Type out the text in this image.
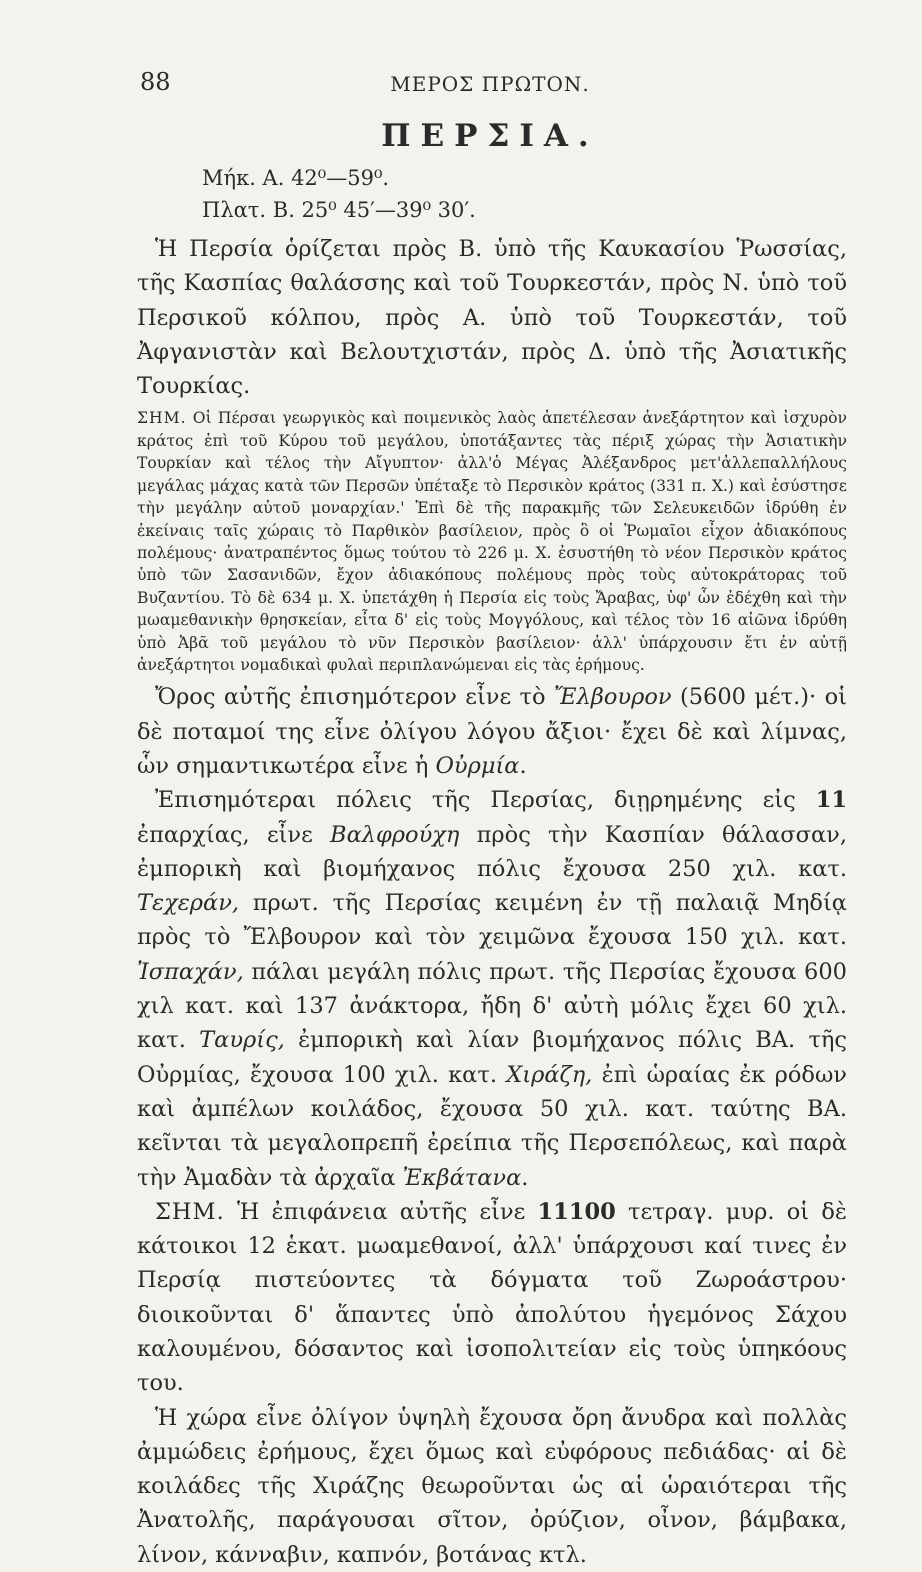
88	ΜΕΡΟΣ ΠΡΩΤΟΝ.
ΠΕΡΣΙΑ.
Μήκ. Α. 42⁰—59⁰.
Πλατ. Β. 25⁰ 45′—39⁰ 30′.

Ἡ Περσία ὁρίζεται πρὸς Β. ὑπὸ τῆς Καυκασίου Ῥωσσίας, τῆς Κασπίας θαλάσσης καὶ τοῦ Τουρκεστάν, πρὸς Ν. ὑπὸ τοῦ Περσικοῦ κόλπου, πρὸς Α. ὑπὸ τοῦ Τουρκεστάν, τοῦ Ἀφγανιστὰν καὶ Βελουτχιστάν, πρὸς Δ. ὑπὸ τῆς Ἀσιατικῆς Τουρκίας.

ΣΗΜ. Οἱ Πέρσαι γεωργικὸς καὶ ποιμενικὸς λαὸς ἀπετέλεσαν ἀνεξάρτητον καὶ ἰσχυρὸν κράτος ἐπὶ τοῦ Κύρου τοῦ μεγάλου, ὑποτάξαντες τὰς πέριξ χώρας τὴν Ἀσιατικὴν Τουρκίαν καὶ τέλος τὴν Αἴγυπτον· ἀλλ'ὁ Μέγας Ἀλέξανδρος μετ'ἀλλεπαλλήλους μεγάλας μάχας κατὰ τῶν Περσῶν ὑπέταξε τὸ Περσικὸν κράτος (331 π. Χ.) καὶ ἐσύστησε τὴν μεγάλην αὐτοῦ μοναρχίαν.' Ἐπὶ δὲ τῆς παρακμῆς τῶν Σελευκειδῶν ἱδρύθη ἐν ἐκείναις ταῖς χώραις τὸ Παρθικὸν βασίλειον, πρὸς ὃ οἱ Ῥωμαῖοι εἶχον ἀδιακόπους πολέμους· ἀνατραπέντος ὅμως τούτου τὸ 226 μ. Χ. ἐσυστήθη τὸ νέον Περσικὸν κράτος ὑπὸ τῶν Σασανιδῶν, ἔχον ἀδιακόπους πολέμους πρὸς τοὺς αὐτοκράτορας τοῦ Βυζαντίου. Τὸ δὲ 634 μ. Χ. ὑπετάχθη ἡ Περσία εἰς τοὺς Ἄραβας, ὑφ' ὧν ἐδέχθη καὶ τὴν μωαμεθανικὴν θρησκείαν, εἶτα δ' εἰς τοὺς Μογγόλους, καὶ τέλος τὸν 16 αἰῶνα ἱδρύθη ὑπὸ Ἀβᾶ τοῦ μεγάλου τὸ νῦν Περσικὸν βασίλειον· ἀλλ' ὑπάρχουσιν ἔτι ἐν αὐτῇ ἀνεξάρτητοι νομαδικαὶ φυλαὶ περιπλανώμεναι εἰς τὰς ἐρήμους.

Ὄρος αὐτῆς ἐπισημότερον εἶνε τὸ Ἔλβουρον (5600 μέτ.)· οἱ δὲ ποταμοί της εἶνε ὀλίγου λόγου ἄξιοι· ἔχει δὲ καὶ λίμνας, ὧν σημαντικωτέρα εἶνε ἡ Οὐρμία.

Ἐπισημότεραι πόλεις τῆς Περσίας, διῃρημένης εἰς 11 ἐπαρχίας, εἶνε Βαλφρούχη πρὸς τὴν Κασπίαν θάλασσαν, ἐμπορικὴ καὶ βιομήχανος πόλις ἔχουσα 250 χιλ. κατ. Τεχεράν, πρωτ. τῆς Περσίας κειμένη ἐν τῇ παλαιᾷ Μηδίᾳ πρὸς τὸ Ἔλβουρον καὶ τὸν χειμῶνα ἔχουσα 150 χιλ. κατ. Ἰσπαχάν, πάλαι μεγάλη πόλις πρωτ. τῆς Περσίας ἔχουσα 600 χιλ κατ. καὶ 137 ἀνάκτορα, ἤδη δ' αὐτὴ μόλις ἔχει 60 χιλ. κατ. Ταυρίς, ἐμπορικὴ καὶ λίαν βιομήχανος πόλις ΒΑ. τῆς Οὐρμίας, ἔχουσα 100 χιλ. κατ. Χιράζη, ἐπὶ ὡραίας ἐκ ρόδων καὶ ἀμπέλων κοιλάδος, ἔχουσα 50 χιλ. κατ. ταύτης ΒΑ. κεῖνται τὰ μεγαλοπρεπῆ ἐρείπια τῆς Περσεπόλεως, καὶ παρὰ τὴν Ἀμαδὰν τὰ ἀρχαῖα Ἐκβάτανα.

ΣΗΜ. Ἡ ἐπιφάνεια αὐτῆς εἶνε 11100 τετραγ. μυρ. οἱ δὲ κάτοικοι 12 ἑκατ. μωαμεθανοί, ἀλλ' ὑπάρχουσι καί τινες ἐν Περσίᾳ πιστεύοντες τὰ δόγματα τοῦ Ζωροάστρου· διοικοῦνται δ' ἅπαντες ὑπὸ ἀπολύτου ἡγεμόνος Σάχου καλουμένου, δόσαντος καὶ ἰσοπολιτείαν εἰς τοὺς ὑπηκόους του.

Ἡ χώρα εἶνε ὀλίγον ὑψηλὴ ἔχουσα ὄρη ἄνυδρα καὶ πολλὰς ἀμμώδεις ἐρήμους, ἔχει ὅμως καὶ εὐφόρους πεδιάδας· αἱ δὲ κοιλάδες τῆς Χιράζης θεωροῦνται ὡς αἱ ὡραιότεραι τῆς Ἀνατολῆς, παράγουσαι σῖτον, ὀρύζιον, οἶνον, βάμβακα, λίνον, κάνναβιν, καπνόν, βοτάνας κτλ.
